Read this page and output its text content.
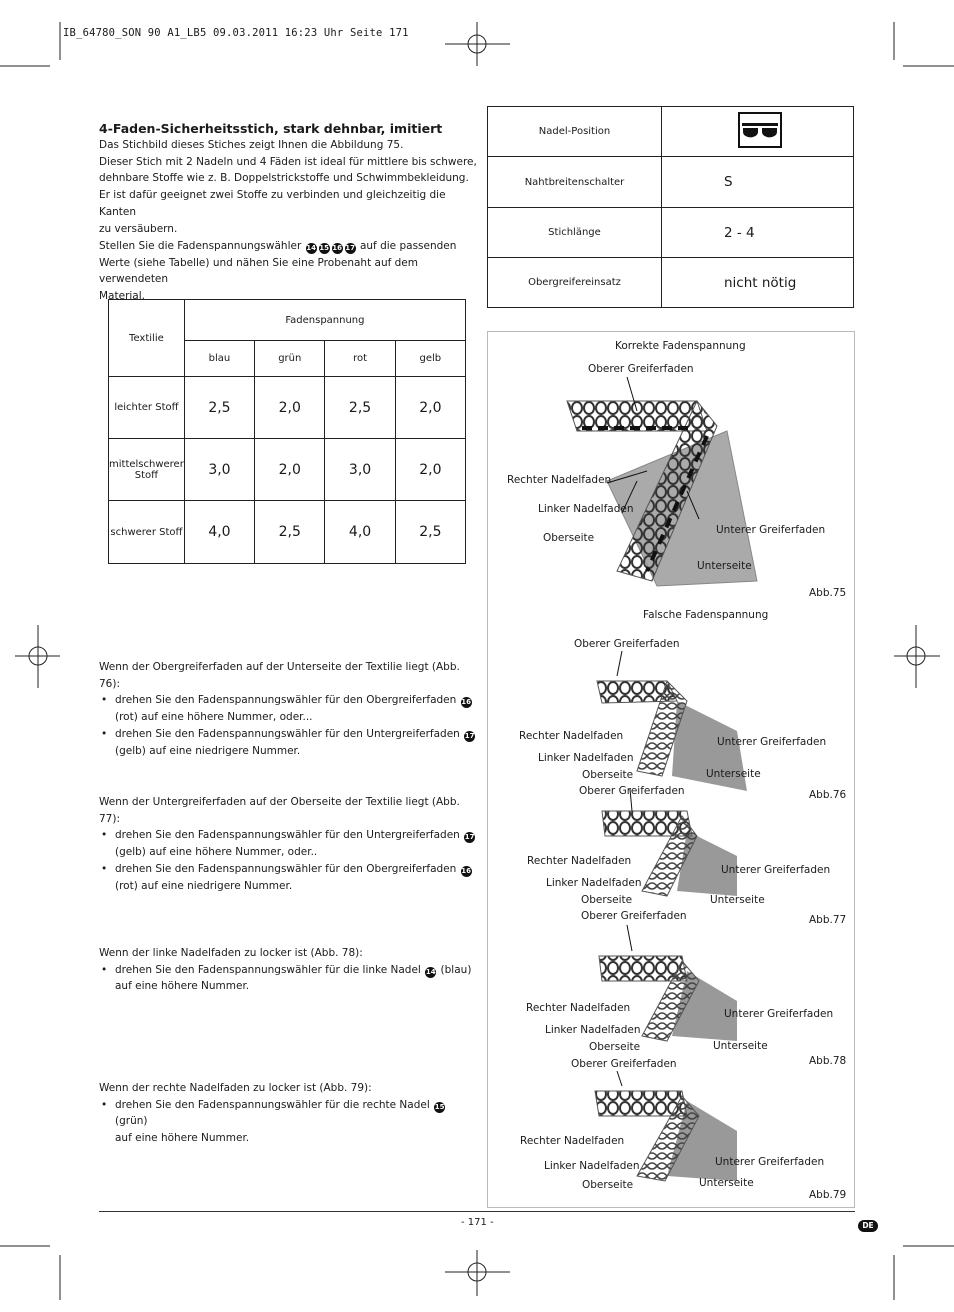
IB_64780_SON 90 A1_LB5 09.03.2011 16:23 Uhr Seite 171
4-Faden-Sicherheitsstich, stark dehnbar, imitiert
Das Stichbild dieses Stiches zeigt Ihnen die Abbildung 75.
Dieser Stich mit 2 Nadeln und 4 Fäden ist ideal für mittlere bis schwere,
dehnbare Stoffe wie z. B. Doppelstrickstoffe und Schwimmbekleidung.
Er ist dafür geeignet zwei Stoffe zu verbinden und gleichzeitig die Kanten
zu versäubern.
Stellen Sie die Fadenspannungswähler 14 15 16 17 auf die passenden
Werte (siehe Tabelle) und nähen Sie eine Probenaht auf dem verwendeten
Material.
Textilie	Fadenspannung			
	blau	grün	rot	gelb
leichter Stoff	2,5	2,0	2,5	2,0

mittelschwerer
Stoff	3,0	2,0	3,0	2,0
schwerer Stoff	4,0	2,5	4,0	2,5
Wenn der Obergreiferfaden auf der Unterseite der Textilie liegt (Abb. 76):
• drehen Sie den Fadenspannungswähler für den Obergreiferfaden 16
(rot) auf eine höhere Nummer, oder...
• drehen Sie den Fadenspannungswähler für den Untergreiferfaden 17
(gelb) auf eine niedrigere Nummer.
Wenn der Untergreiferfaden auf der Oberseite der Textilie liegt (Abb. 77):
• drehen Sie den Fadenspannungswähler für den Untergreiferfaden 17
(gelb) auf eine höhere Nummer, oder..
• drehen Sie den Fadenspannungswähler für den Obergreiferfaden 16
(rot) auf eine niedrigere Nummer.
Wenn der linke Nadelfaden zu locker ist (Abb. 78):
• drehen Sie den Fadenspannungswähler für die linke Nadel 14 (blau)
auf eine höhere Nummer.
Wenn der rechte Nadelfaden zu locker ist (Abb. 79):
• drehen Sie den Fadenspannungswähler für die rechte Nadel 15 (grün)
auf eine höhere Nummer.
Nadel-Position	
Nahtbreitenschalter	S
Stichlänge	2 - 4
Obergreifereinsatz	nicht nötig
Korrekte Fadenspannung
Oberer Greiferfaden
Rechter Nadelfaden
Linker Nadelfaden
Unterer Greiferfaden
Oberseite
Unterseite
Abb.75
Falsche Fadenspannung
Oberer Greiferfaden
Rechter Nadelfaden	Unterer Greiferfaden
Linker Nadelfaden
Oberseite	Unterseite
Oberer Greiferfaden	Abb.76
Rechter Nadelfaden
Unterer Greiferfaden
Linker Nadelfaden
Oberseite	Unterseite
Oberer Greiferfaden	Abb.77
Rechter Nadelfaden	Unterer Greiferfaden
Linker Nadelfaden
Oberseite	Unterseite
Abb.78
Oberer Greiferfaden
Rechter Nadelfaden
Unterer Greiferfaden
Linker Nadelfaden
Unterseite
Oberseite
Abb.79
- 171 -	DE
